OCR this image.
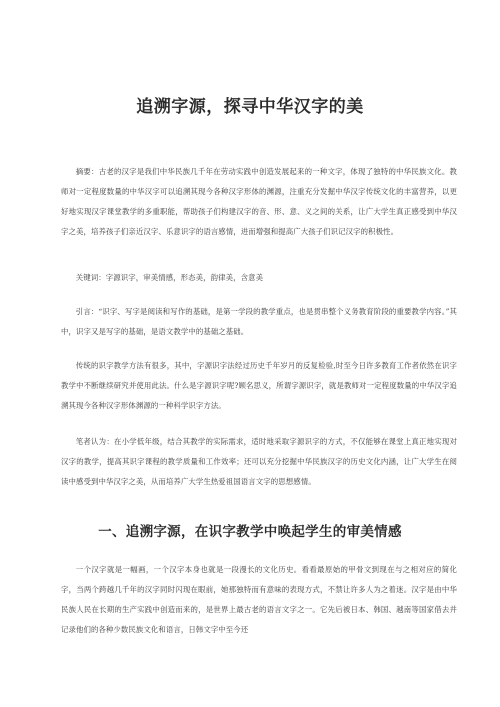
追溯字源，探寻中华汉字的美

摘要：古老的汉字是我们中华民族几千年在劳动实践中创造发展起来的一种文字，体现了独特的中华民族文化。教师对一定程度数量的中华汉字可以追溯其现今各种汉字形体的渊源，注重充分发掘中华汉字传统文化的丰富营养，以更好地实现汉字课堂教学的多重职能，帮助孩子们构建汉字的音、形、意、义之间的关系，让广大学生真正感受到中华汉字之美，培养孩子们亲近汉字、乐意识字的语言感情，进而增强和提高广大孩子们识记汉字的积极性。

关键词：字源识字，审美情感，形态美，韵律美，含意美

引言：“识字、写字是阅读和写作的基础，是第一学段的教学重点，也是贯串整个义务教育阶段的重要教学内容。”其中，识字又是写字的基础，是语文教学中的基础之基础。

传统的识字教学方法有很多，其中，字源识字法经过历史千年岁月的反复检验,时至今日许多教育工作者依然在识字教学中不断继续研究并使用此法。什么是字源识字呢?顾名思义，所谓字源识字，就是教师对一定程度数量的中华汉字追溯其现今各种汉字形体渊源的一种科学识字方法。

笔者认为：在小学低年级，结合其教学的实际需求，适时地采取字源识字的方式，不仅能够在课堂上真正地实现对汉字的教学，提高其识字课程的教学质量和工作效率；还可以充分挖掘中华民族汉字的历史文化内涵，让广大学生在阅读中感受到中华汉字之美，从而培养广大学生热爱祖国语言文字的思想感情。

一、追溯字源，在识字教学中唤起学生的审美情感

一个汉字就是一幅画，一个汉字本身也就是一段漫长的文化历史。看看最原始的甲骨文到现在与之相对应的简化字，当两个跨越几千年的汉字同时闪现在眼前，她那独特而有意味的表现方式，不禁让许多人为之着迷。汉字是由中华民族人民在长期的生产实践中创造而来的，是世界上最古老的语言文字之一。它先后被日本、韩国、越南等国家借去并记录他们的各种少数民族文化和语言，日韩文字中至今还
